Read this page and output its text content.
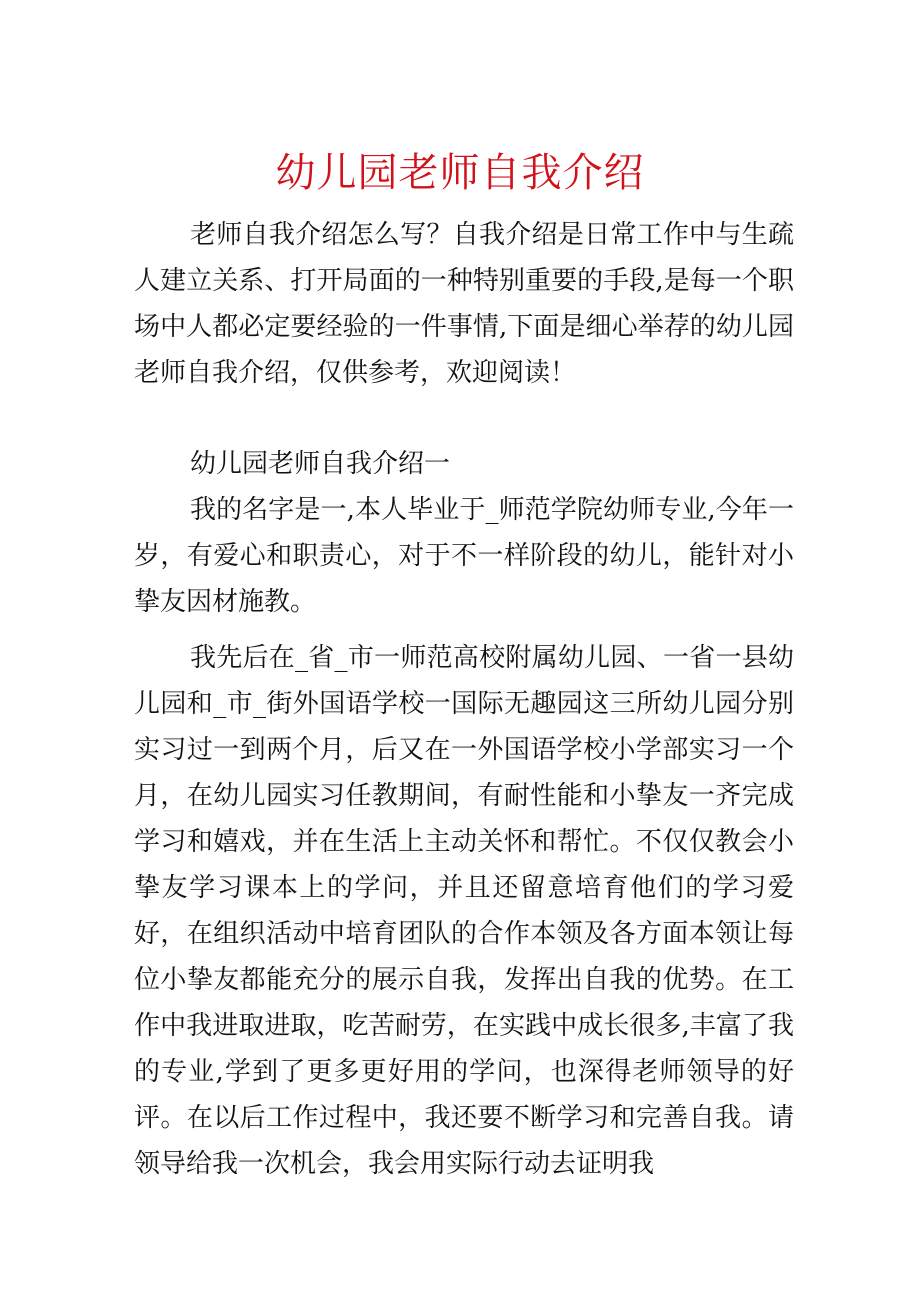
幼儿园老师自我介绍

老师自我介绍怎么写？自我介绍是日常工作中与生疏人建立关系、打开局面的一种特别重要的手段,是每一个职场中人都必定要经验的一件事情,下面是细心举荐的幼儿园老师自我介绍，仅供参考，欢迎阅读！

幼儿园老师自我介绍一

我的名字是一,本人毕业于_师范学院幼师专业,今年一岁，有爱心和职责心，对于不一样阶段的幼儿，能针对小挚友因材施教。

我先后在_省_市一师范高校附属幼儿园、一省一县幼儿园和_市_街外国语学校一国际无趣园这三所幼儿园分别实习过一到两个月，后又在一外国语学校小学部实习一个月，在幼儿园实习任教期间，有耐性能和小挚友一齐完成学习和嬉戏，并在生活上主动关怀和帮忙。不仅仅教会小挚友学习课本上的学问，并且还留意培育他们的学习爱好，在组织活动中培育团队的合作本领及各方面本领让每位小挚友都能充分的展示自我，发挥出自我的优势。在工作中我进取进取，吃苦耐劳，在实践中成长很多,丰富了我的专业,学到了更多更好用的学问，也深得老师领导的好评。在以后工作过程中，我还要不断学习和完善自我。请领导给我一次机会，我会用实际行动去证明我
